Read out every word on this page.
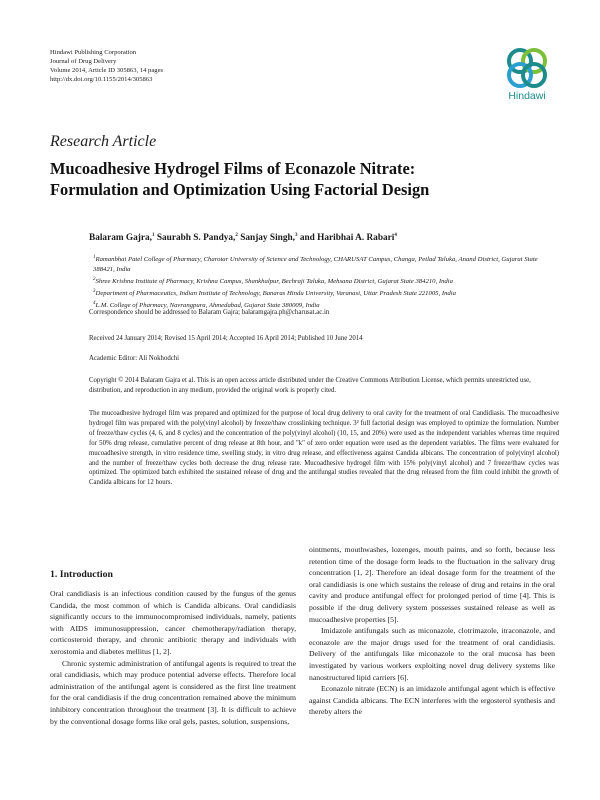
Hindawi Publishing Corporation
Journal of Drug Delivery
Volume 2014, Article ID 305863, 14 pages
http://dx.doi.org/10.1155/2014/305863
Hindawi
Research Article
Mucoadhesive Hydrogel Films of Econazole Nitrate:
Formulation and Optimization Using Factorial Design
Balaram Gajra,$^1$ Saurabh S. Pandya,$^2$ Sanjay Singh,$^3$ and Haribhai A. Rabari$^4$
$^1$Ramanbhai Patel College of Pharmacy, Charotar University of Science and Technology, CHARUSAT Campus, Changa, Petlad Taluka, Anand District, Gujarat State 388421, India
$^2$Shree Krishna Institute of Pharmacy, Krishna Campus, Shankhalpur, Bechraji Taluka, Mehsana District, Gujarat State 384210, India
$^3$Department of Pharmaceutics, Indian Institute of Technology, Banaras Hindu University, Varanasi, Uttar Pradesh State 221005, India
$^4$L.M. College of Pharmacy, Navrangpura, Ahmedabad, Gujarat State 380009, India
Correspondence should be addressed to Balaram Gajra; balaramgajra.ph@charusat.ac.in
Received 24 January 2014; Revised 15 April 2014; Accepted 16 April 2014; Published 10 June 2014
Academic Editor: Ali Nokhodchi
Copyright © 2014 Balaram Gajra et al. This is an open access article distributed under the Creative Commons Attribution License, which permits unrestricted use, distribution, and reproduction in any medium, provided the original work is properly cited.
The mucoadhesive hydrogel film was prepared and optimized for the purpose of local drug delivery to oral cavity for the treatment of oral Candidiasis. The mucoadhesive hydrogel film was prepared with the poly(vinyl alcohol) by freeze/thaw crosslinking technique. 3² full factorial design was employed to optimize the formulation. Number of freeze/thaw cycles (4, 6, and 8 cycles) and the concentration of the poly(vinyl alcohol) (10, 15, and 20%) were used as the independent variables whereas time required for 50% drug release, cumulative percent of drug release at 8th hour, and "k" of zero order equation were used as the dependent variables. The films were evaluated for mucoadhesive strength, in vitro residence time, swelling study, in vitro drug release, and effectiveness against Candida albicans. The concentration of poly(vinyl alcohol) and the number of freeze/thaw cycles both decrease the drug release rate. Mucoadhesive hydrogel film with 15% poly(vinyl alcohol) and 7 freeze/thaw cycles was optimized. The optimized batch exhibited the sustained release of drug and the antifungal studies revealed that the drug released from the film could inhibit the growth of Candida albicans for 12 hours.
1. Introduction

Oral candidiasis is an infectious condition caused by the fungus of the genus Candida, the most common of which is Candida albicans. Oral candidiasis significantly occurs to the immunocompromised individuals, namely, patients with AIDS immunosuppression, cancer chemotherapy/radiation therapy, corticosteroid therapy, and chronic antibiotic therapy and individuals with xerostomia and diabetes mellitus [1, 2].

Chronic systemic administration of antifungal agents is required to treat the oral candidiasis, which may produce potential adverse effects. Therefore local administration of the antifungal agent is considered as the first line treatment for the oral candidiasis if the drug concentration remained above the minimum inhibitory concentration throughout the treatment [3]. It is difficult to achieve by the conventional dosage forms like oral gels, pastes, solution, suspensions,

ointments, mouthwashes, lozenges, mouth paints, and so forth, because less retention time of the dosage form leads to the fluctuation in the salivary drug concentration [1, 2]. Therefore an ideal dosage form for the treatment of the oral candidiasis is one which sustains the release of drug and retains in the oral cavity and produce antifungal effect for prolonged period of time [4]. This is possible if the drug delivery system possesses sustained release as well as mucoadhesive properties [5].

Imidazole antifungals such as miconazole, clotrimazole, itraconazole, and econazole are the major drugs used for the treatment of oral candidiasis. Delivery of the antifungals like miconazole to the oral mucosa has been investigated by various workers exploiting novel drug delivery systems like nanostructured lipid carriers [6].

Econazole nitrate (ECN) is an imidazole antifungal agent which is effective against Candida albicans. The ECN interferes with the ergosterol synthesis and thereby alters the
